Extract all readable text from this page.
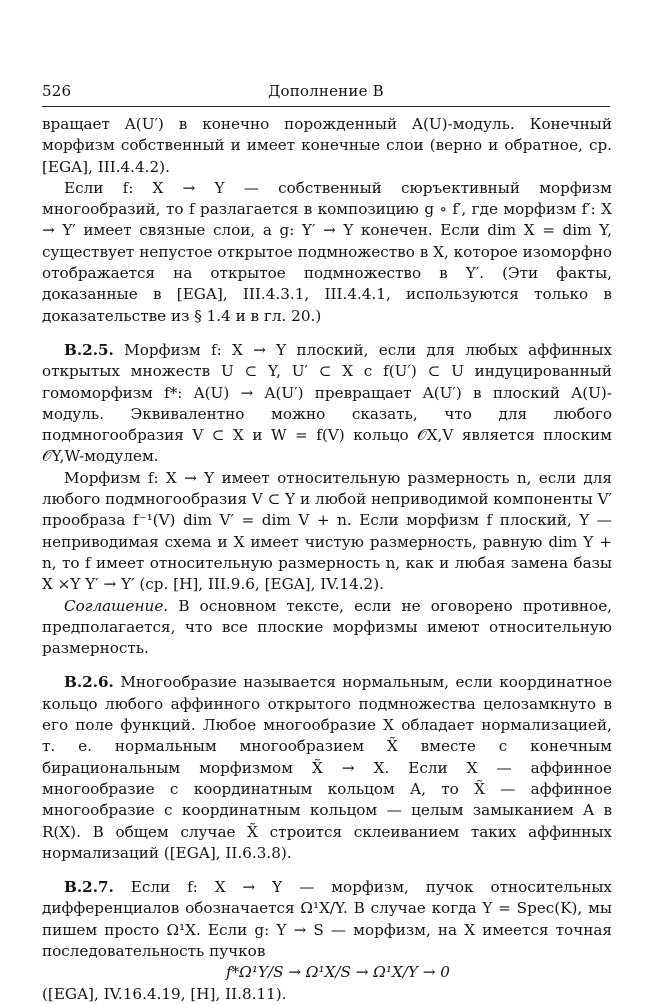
526	Дополнение В

вращает A(U′) в конечно порожденный A(U)-модуль. Конечный морфизм собственный и имеет конечные слои (верно и обратное, ср. [EGA], III.4.4.2).

Если f: X → Y — собственный сюръективный морфизм многообразий, то f разлагается в композицию g ∘ f′, где морфизм f′: X → Y′ имеет связные слои, а g: Y′ → Y конечен. Если dim X = dim Y, существует непустое открытое подмножество в X, которое изоморфно отображается на открытое подмножество в Y′. (Эти факты, доказанные в [EGA], III.4.3.1, III.4.4.1, используются только в доказательстве из § 1.4 и в гл. 20.)

В.2.5. Морфизм f: X → Y плоский, если для любых аффинных открытых множеств U ⊂ Y, U′ ⊂ X с f(U′) ⊂ U индуцированный гомоморфизм f*: A(U) → A(U′) превращает A(U′) в плоский A(U)-модуль. Эквивалентно можно сказать, что для любого подмногообразия V ⊂ X и W = f(V) кольцо 𝒪X,V является плоским 𝒪Y,W-модулем.

Морфизм f: X → Y имеет относительную размерность n, если для любого подмногообразия V ⊂ Y и любой неприводимой компоненты V′ прообраза f⁻¹(V) dim V′ = dim V + n. Если морфизм f плоский, Y — неприводимая схема и X имеет чистую размерность, равную dim Y + n, то f имеет относительную размерность n, как и любая замена базы X ×Y Y′ → Y′ (ср. [H], III.9.6, [EGA], IV.14.2).

Соглашение. В основном тексте, если не оговорено противное, предполагается, что все плоские морфизмы имеют относительную размерность.

В.2.6. Многообразие называется нормальным, если координатное кольцо любого аффинного открытого подмножества целозамкнуто в его поле функций. Любое многообразие X обладает нормализацией, т. е. нормальным многообразием X̃ вместе с конечным бирациональным морфизмом X̃ → X. Если X — аффинное многообразие с координатным кольцом A, то X̃ — аффинное многообразие с координатным кольцом — целым замыканием A в R(X). В общем случае X̃ строится склеиванием таких аффинных нормализаций ([EGA], II.6.3.8).

В.2.7. Если f: X → Y — морфизм, пучок относительных дифференциалов обозначается Ω¹X/Y. В случае когда Y = Spec(K), мы пишем просто Ω¹X. Если g: Y → S — морфизм, на X имеется точная последовательность пучков

f*Ω¹Y/S → Ω¹X/S → Ω¹X/Y → 0

([EGA], IV.16.4.19, [H], II.8.11).
